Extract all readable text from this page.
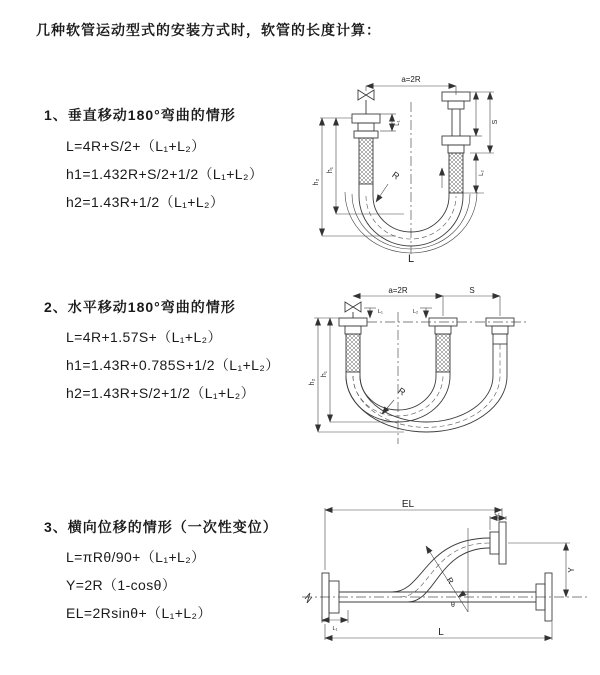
几种软管运动型式的安装方式时，软管的长度计算：
1、垂直移动180°弯曲的情形
L=4R+S/2+（L₁+L₂）
h1=1.432R+S/2+1/2（L₁+L₂）
h2=1.43R+1/2（L₁+L₂）
a=2R
h₁
h₂
L₁	S
L₂
R
L
2、水平移动180°弯曲的情形
L=4R+1.57S+（L₁+L₂）
h1=1.43R+0.785S+1/2（L₁+L₂）
h2=1.43R+S/2+1/2（L₁+L₂）
a=2R	S
h₁
h₂
L₁	L₂
R
3、横向位移的情形（一次性变位）
L=πRθ/90+（L₁+L₂）
Y=2R（1-cosθ）
EL=2Rsinθ+（L₁+L₂）
EL
L₂
Y
θ
R
L₁	L
